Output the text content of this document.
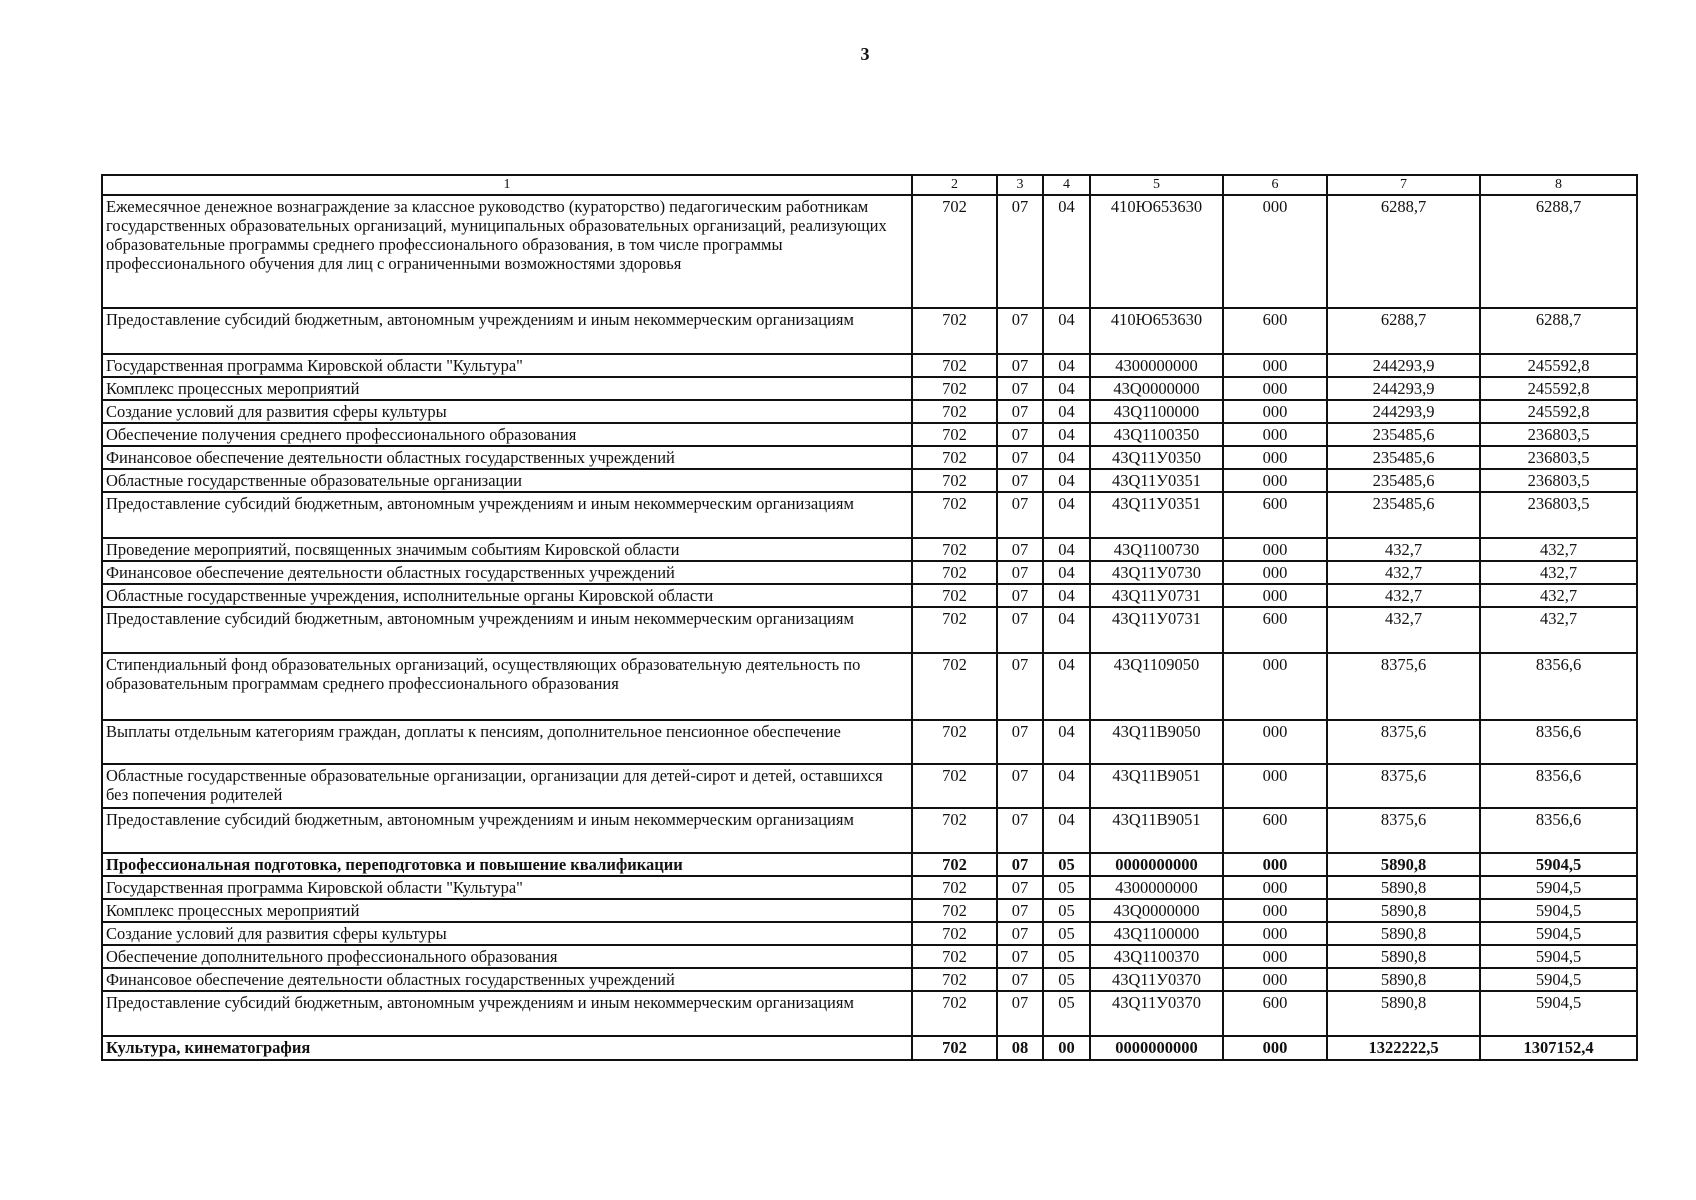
3
1	2	3	4	5	6	7	8
Ежемесячное денежное вознаграждение за классное руководство (кураторство) педагогическим работникам государственных образовательных организаций, муниципальных образовательных организаций, реализующих образовательные программы среднего профессионального образования, в том числе программы профессионального обучения для лиц с ограниченными возможностями здоровья	702	07	04	410Ю653630	000	6288,7	6288,7
Предоставление субсидий бюджетным, автономным учреждениям и иным некоммерческим организациям	702	07	04	410Ю653630	600	6288,7	6288,7
Государственная программа Кировской области "Культура"	702	07	04	4300000000	000	244293,9	245592,8
Комплекс процессных мероприятий	702	07	04	43Q0000000	000	244293,9	245592,8
Создание условий для развития сферы культуры	702	07	04	43Q1100000	000	244293,9	245592,8
Обеспечение получения среднего профессионального образования	702	07	04	43Q1100350	000	235485,6	236803,5
Финансовое обеспечение деятельности областных государственных учреждений	702	07	04	43Q11У0350	000	235485,6	236803,5
Областные государственные образовательные организации	702	07	04	43Q11У0351	000	235485,6	236803,5
Предоставление субсидий бюджетным, автономным учреждениям и иным некоммерческим организациям	702	07	04	43Q11У0351	600	235485,6	236803,5
Проведение мероприятий, посвященных значимым событиям Кировской области	702	07	04	43Q1100730	000	432,7	432,7
Финансовое обеспечение деятельности областных государственных учреждений	702	07	04	43Q11У0730	000	432,7	432,7
Областные государственные учреждения, исполнительные органы Кировской области	702	07	04	43Q11У0731	000	432,7	432,7
Предоставление субсидий бюджетным, автономным учреждениям и иным некоммерческим организациям	702	07	04	43Q11У0731	600	432,7	432,7
Стипендиальный фонд образовательных организаций, осуществляющих образовательную деятельность по образовательным программам среднего профессионального образования	702	07	04	43Q1109050	000	8375,6	8356,6
Выплаты отдельным категориям граждан, доплаты к пенсиям, дополнительное пенсионное обеспечение	702	07	04	43Q11B9050	000	8375,6	8356,6
Областные государственные образовательные организации, организации для детей-сирот и детей, оставшихся без попечения родителей	702	07	04	43Q11B9051	000	8375,6	8356,6
Предоставление субсидий бюджетным, автономным учреждениям и иным некоммерческим организациям	702	07	04	43Q11B9051	600	8375,6	8356,6
Профессиональная подготовка, переподготовка и повышение квалификации	702	07	05	0000000000	000	5890,8	5904,5
Государственная программа Кировской области "Культура"	702	07	05	4300000000	000	5890,8	5904,5
Комплекс процессных мероприятий	702	07	05	43Q0000000	000	5890,8	5904,5
Создание условий для развития сферы культуры	702	07	05	43Q1100000	000	5890,8	5904,5
Обеспечение дополнительного профессионального образования	702	07	05	43Q1100370	000	5890,8	5904,5
Финансовое обеспечение деятельности областных государственных учреждений	702	07	05	43Q11У0370	000	5890,8	5904,5
Предоставление субсидий бюджетным, автономным учреждениям и иным некоммерческим организациям	702	07	05	43Q11У0370	600	5890,8	5904,5
Культура, кинематография	702	08	00	0000000000	000	1322222,5	1307152,4
